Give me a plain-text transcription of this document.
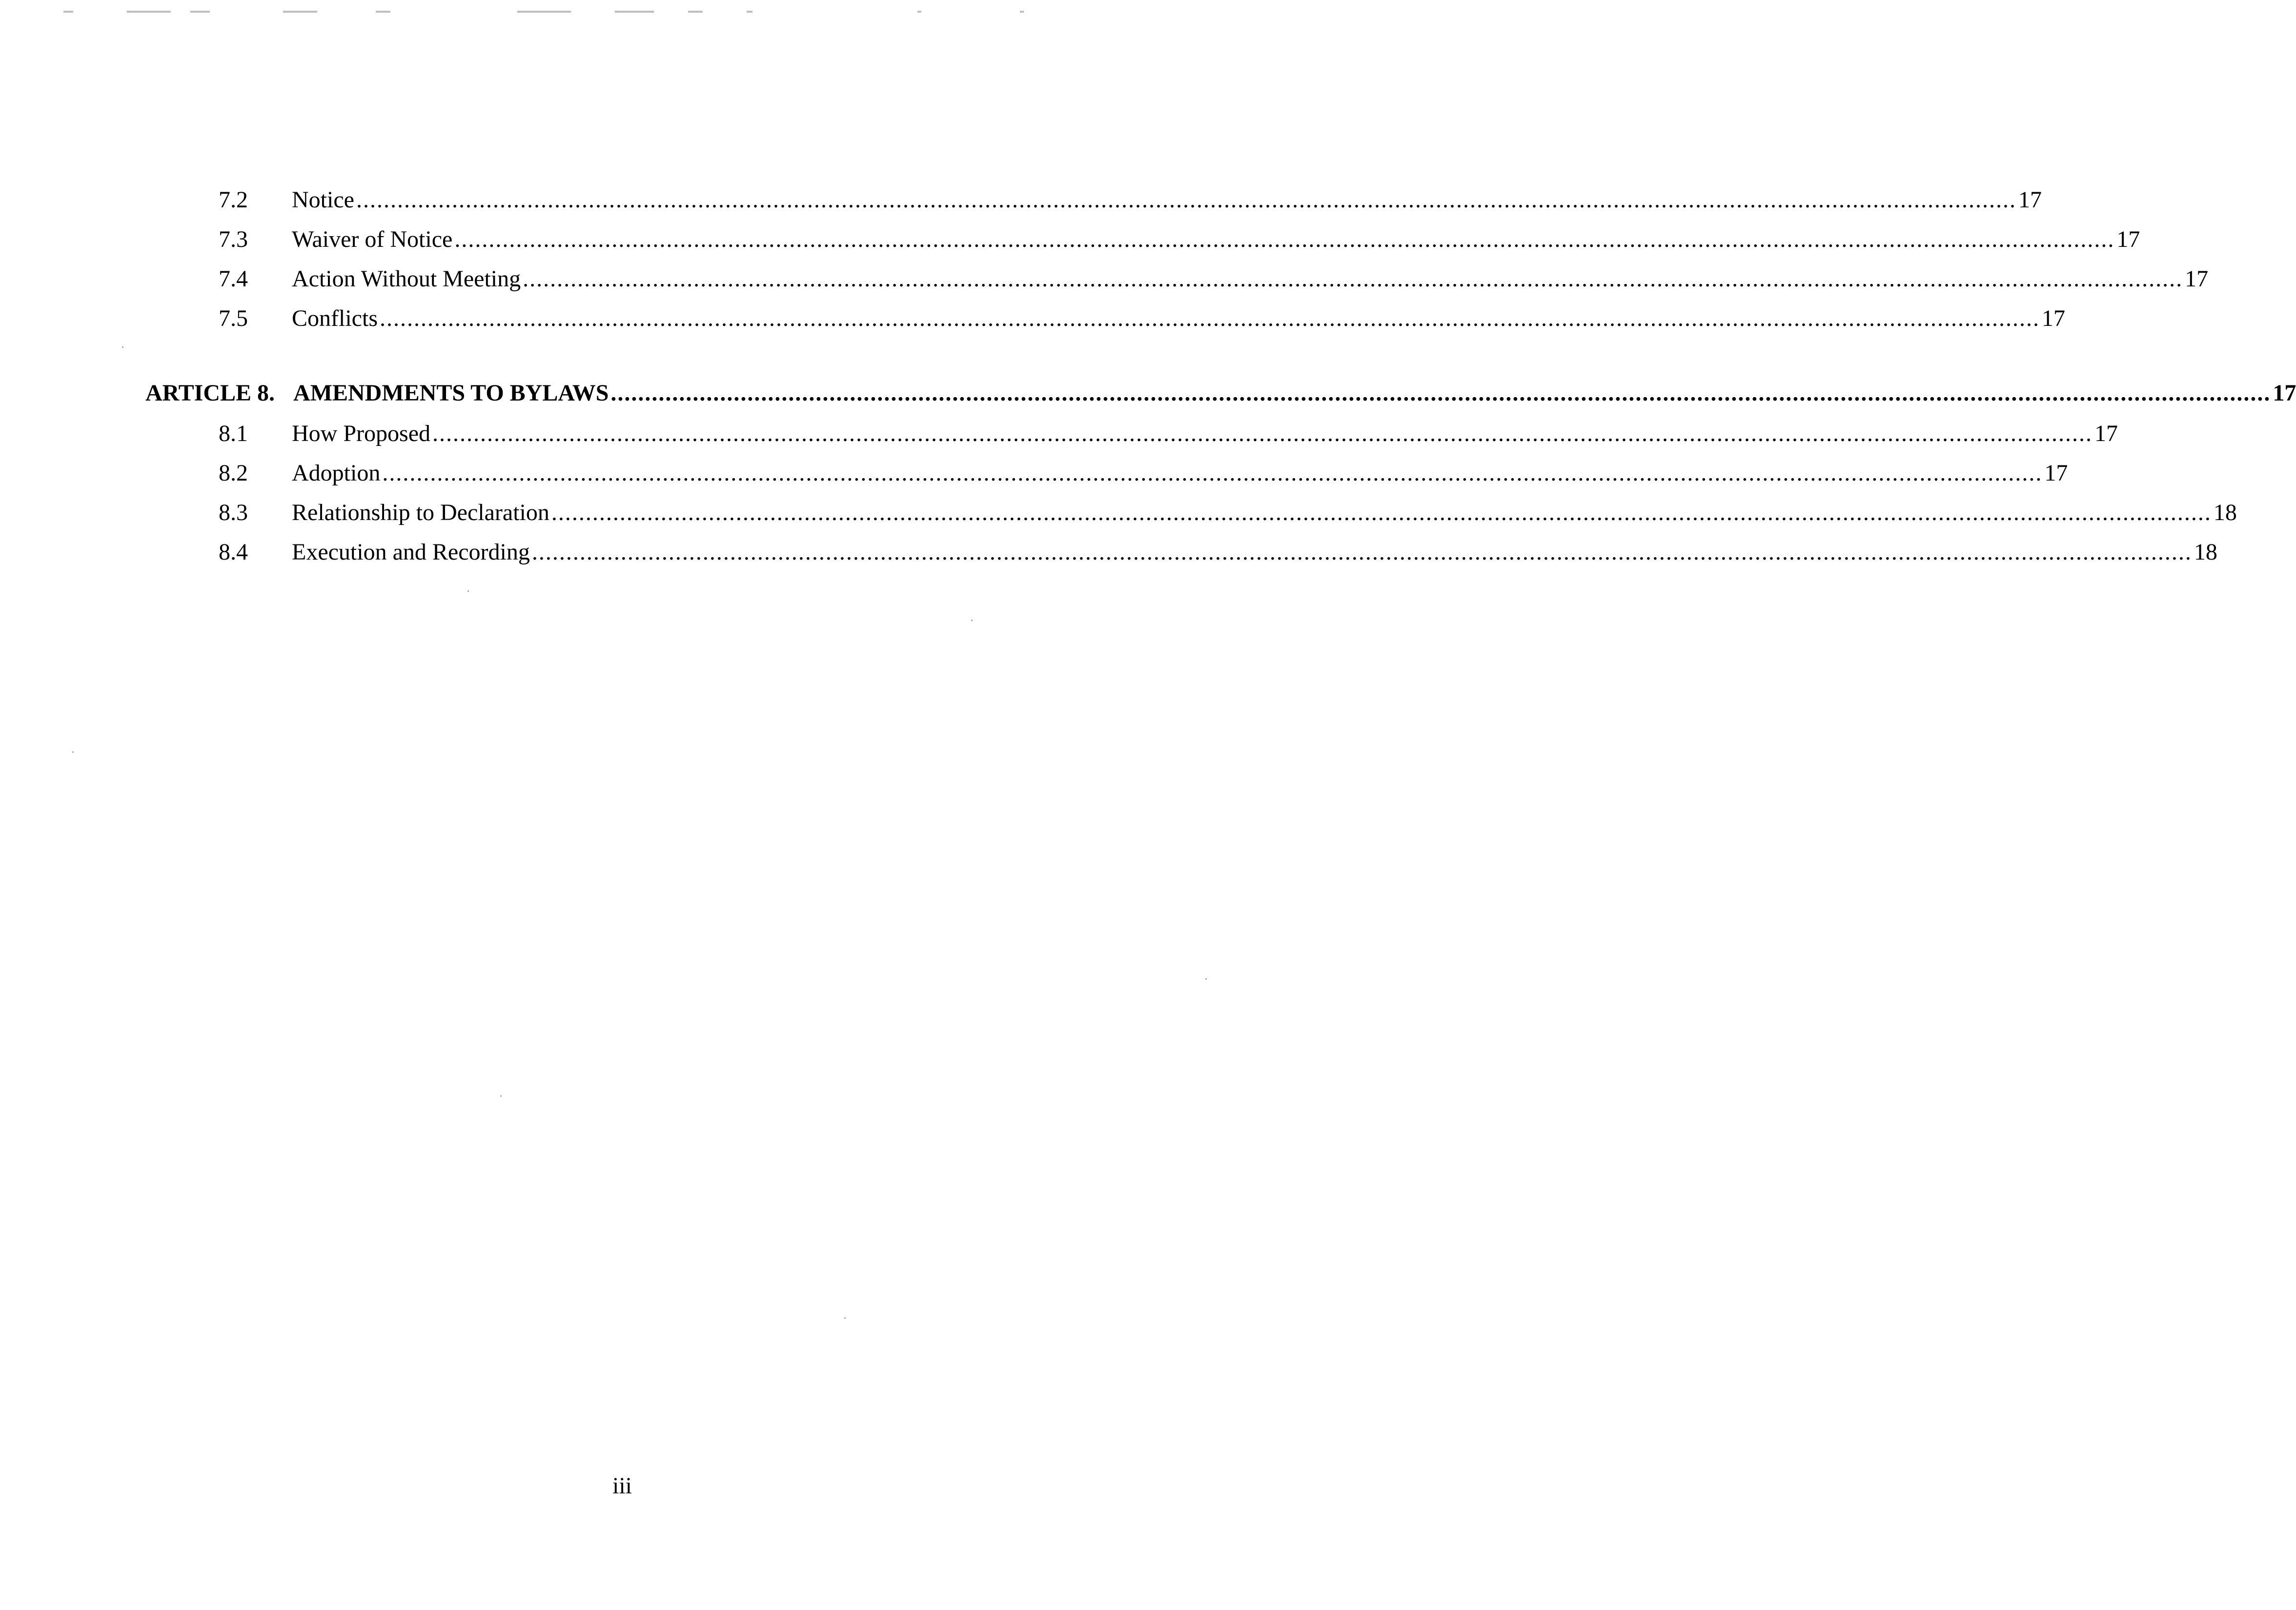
7.2	Notice ................................................................................................................................................................................................................................................... 17
7.3	Waiver of Notice ................................................................................................................................................................................................................................................... 17
7.4	Action Without Meeting ................................................................................................................................................................................................................................................... 17
7.5	Conflicts ................................................................................................................................................................................................................................................... 17
ARTICLE 8. AMENDMENTS TO BYLAWS ................................................................................................................................................................................................................................................... 17
8.1	How Proposed ................................................................................................................................................................................................................................................... 17
8.2	Adoption ................................................................................................................................................................................................................................................... 17
8.3	Relationship to Declaration ................................................................................................................................................................................................................................................... 18
8.4	Execution and Recording ................................................................................................................................................................................................................................................... 18
iii
